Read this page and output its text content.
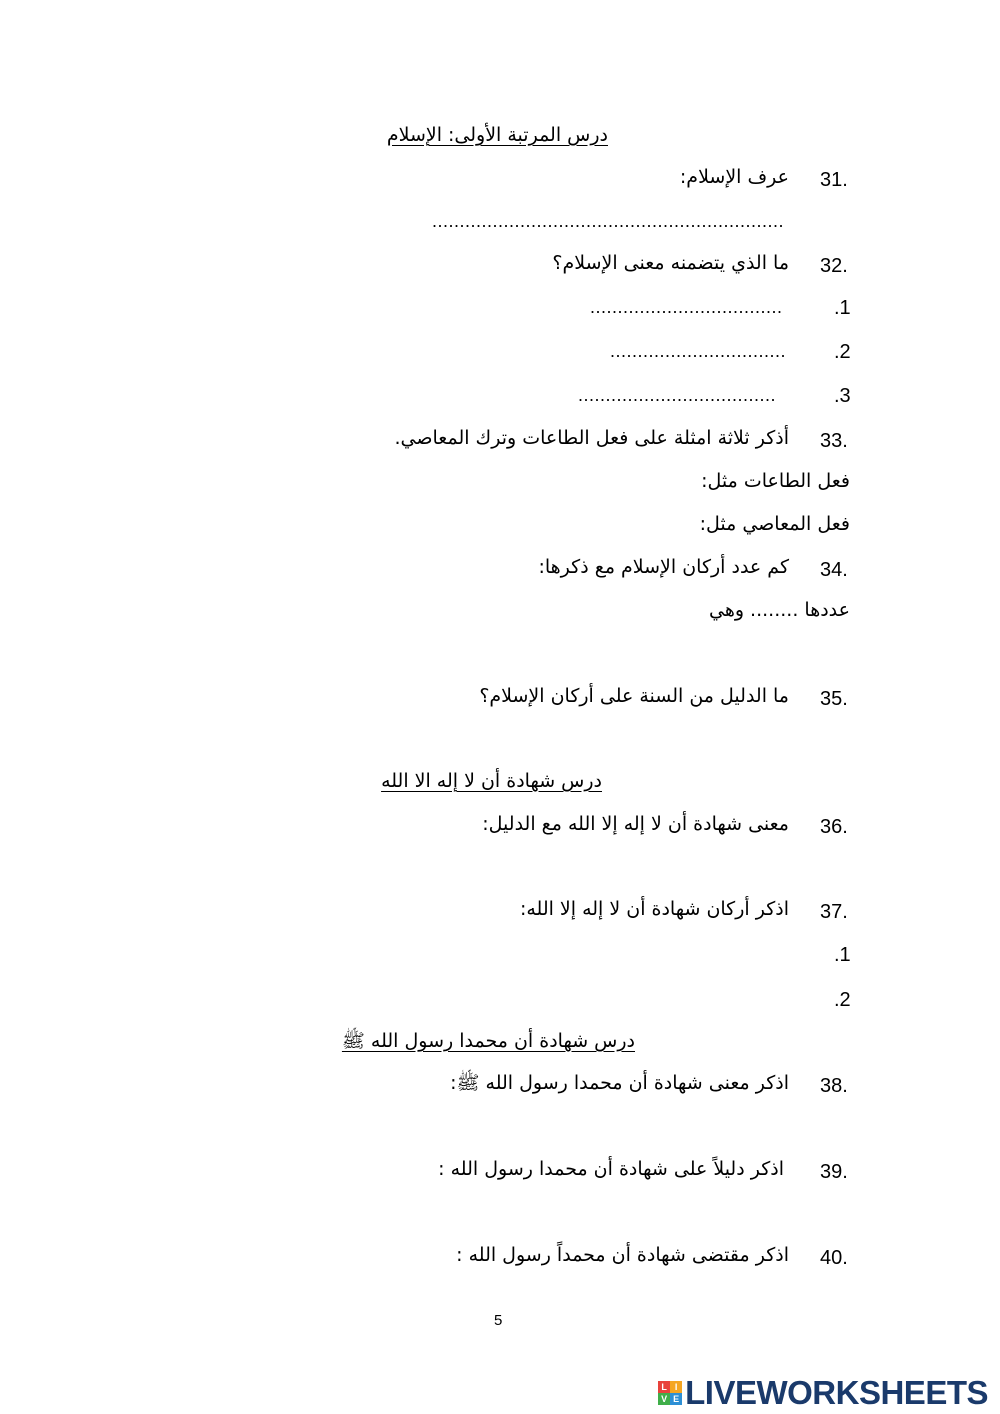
درس المرتبة الأولى: الإسلام
31.
عرف الإسلام:
................................................................
32.
ما الذي يتضمنه معنى الإسلام؟
...................................	.1
................................ .2
....................................	.3
33.
أذكر ثلاثة امثلة على فعل الطاعات وترك المعاصي.
فعل الطاعات مثل:
فعل المعاصي مثل:
34.
كم عدد أركان الإسلام مع ذكرها:
عددها ........ وهي
35.
ما الدليل من السنة على أركان الإسلام؟
درس شهادة أن لا إله الا الله
36.
معنى شهادة أن لا إله إلا الله مع الدليل:
37.
اذكر أركان شهادة أن لا إله إلا الله:
.1
.2
درس شهادة أن محمدا رسول الله ﷺ
38.
اذكر معنى شهادة أن محمدا رسول الله ﷺ:
39.
اذكر دليلاً على شهادة أن محمدا رسول الله :
40.
اذكر مقتضى شهادة أن محمداً رسول الله :
5
L I
V E LIVEWORKSHEETS
